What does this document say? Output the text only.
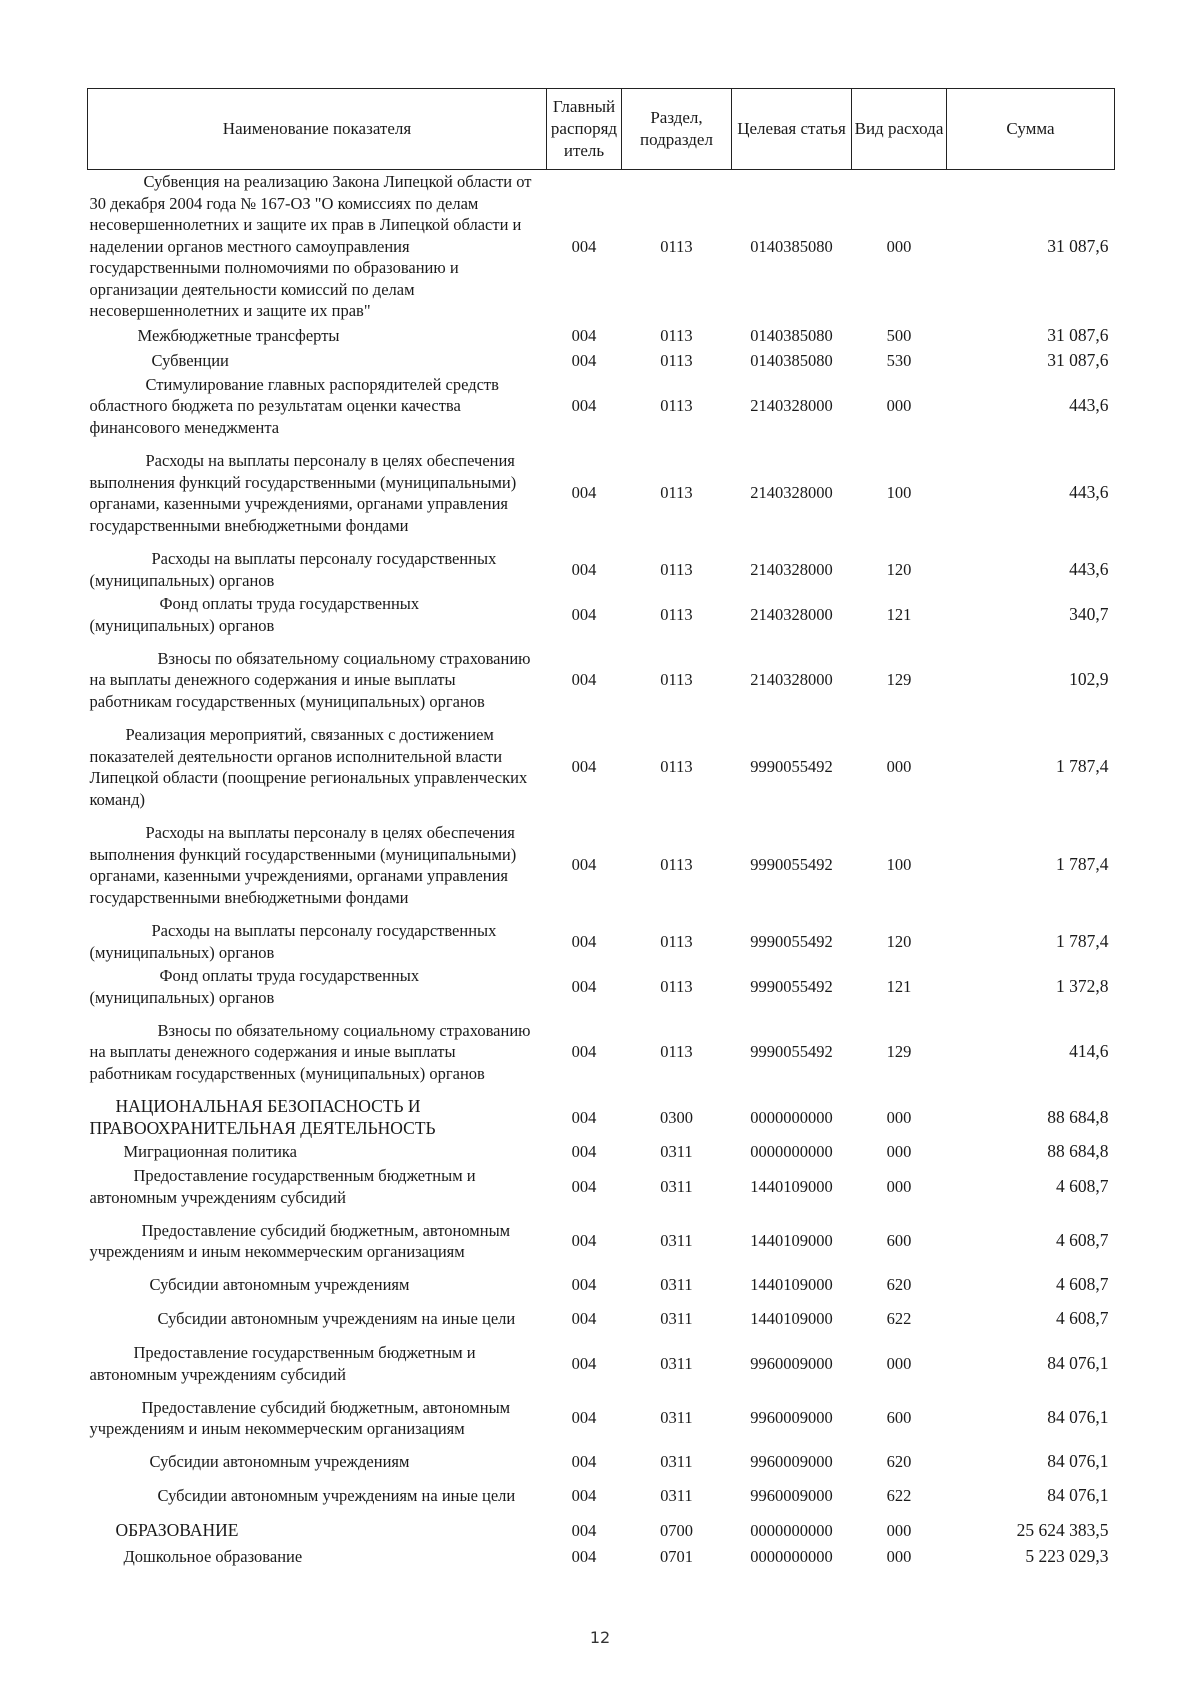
Наименование показателя	Главный распоряд итель	Раздел, подраздел	Целевая статья	Вид расхода	Сумма
Субвенция на реализацию Закона Липецкой области от 30 декабря 2004 года № 167-ОЗ "О комиссиях по делам несовершеннолетних и защите их прав в Липецкой области и наделении органов местного самоуправления государственными полномочиями по образованию и организации деятельности комиссий по делам несовершеннолетних и защите их прав"	004	0113	0140385080	000	31 087,6
Межбюджетные трансферты	004	0113	0140385080	500	31 087,6
Субвенции	004	0113	0140385080	530	31 087,6
Стимулирование главных распорядителей средств областного бюджета по результатам оценки качества финансового менеджмента	004	0113	2140328000	000	443,6
Расходы на выплаты персоналу в целях обеспечения выполнения функций государственными (муниципальными) органами, казенными учреждениями, органами управления государственными внебюджетными фондами	004	0113	2140328000	100	443,6
Расходы на выплаты персоналу государственных (муниципальных) органов	004	0113	2140328000	120	443,6
Фонд оплаты труда государственных (муниципальных) органов	004	0113	2140328000	121	340,7
Взносы по обязательному социальному страхованию на выплаты денежного содержания и иные выплаты работникам государственных (муниципальных) органов	004	0113	2140328000	129	102,9
Реализация мероприятий, связанных с достижением показателей деятельности органов исполнительной власти Липецкой области (поощрение региональных управленческих команд)	004	0113	9990055492	000	1 787,4
Расходы на выплаты персоналу в целях обеспечения выполнения функций государственными (муниципальными) органами, казенными учреждениями, органами управления государственными внебюджетными фондами	004	0113	9990055492	100	1 787,4
Расходы на выплаты персоналу государственных (муниципальных) органов	004	0113	9990055492	120	1 787,4
Фонд оплаты труда государственных (муниципальных) органов	004	0113	9990055492	121	1 372,8
Взносы по обязательному социальному страхованию на выплаты денежного содержания и иные выплаты работникам государственных (муниципальных) органов	004	0113	9990055492	129	414,6
НАЦИОНАЛЬНАЯ БЕЗОПАСНОСТЬ И ПРАВООХРАНИТЕЛЬНАЯ ДЕЯТЕЛЬНОСТЬ	004	0300	0000000000	000	88 684,8
Миграционная политика	004	0311	0000000000	000	88 684,8
Предоставление государственным бюджетным и автономным учреждениям субсидий	004	0311	1440109000	000	4 608,7
Предоставление субсидий бюджетным, автономным учреждениям и иным некоммерческим организациям	004	0311	1440109000	600	4 608,7
Субсидии автономным учреждениям	004	0311	1440109000	620	4 608,7
Субсидии автономным учреждениям на иные цели	004	0311	1440109000	622	4 608,7
Предоставление государственным бюджетным и автономным учреждениям субсидий	004	0311	9960009000	000	84 076,1
Предоставление субсидий бюджетным, автономным учреждениям и иным некоммерческим организациям	004	0311	9960009000	600	84 076,1
Субсидии автономным учреждениям	004	0311	9960009000	620	84 076,1
Субсидии автономным учреждениям на иные цели	004	0311	9960009000	622	84 076,1
ОБРАЗОВАНИЕ	004	0700	0000000000	000	25 624 383,5
Дошкольное образование	004	0701	0000000000	000	5 223 029,3
12
